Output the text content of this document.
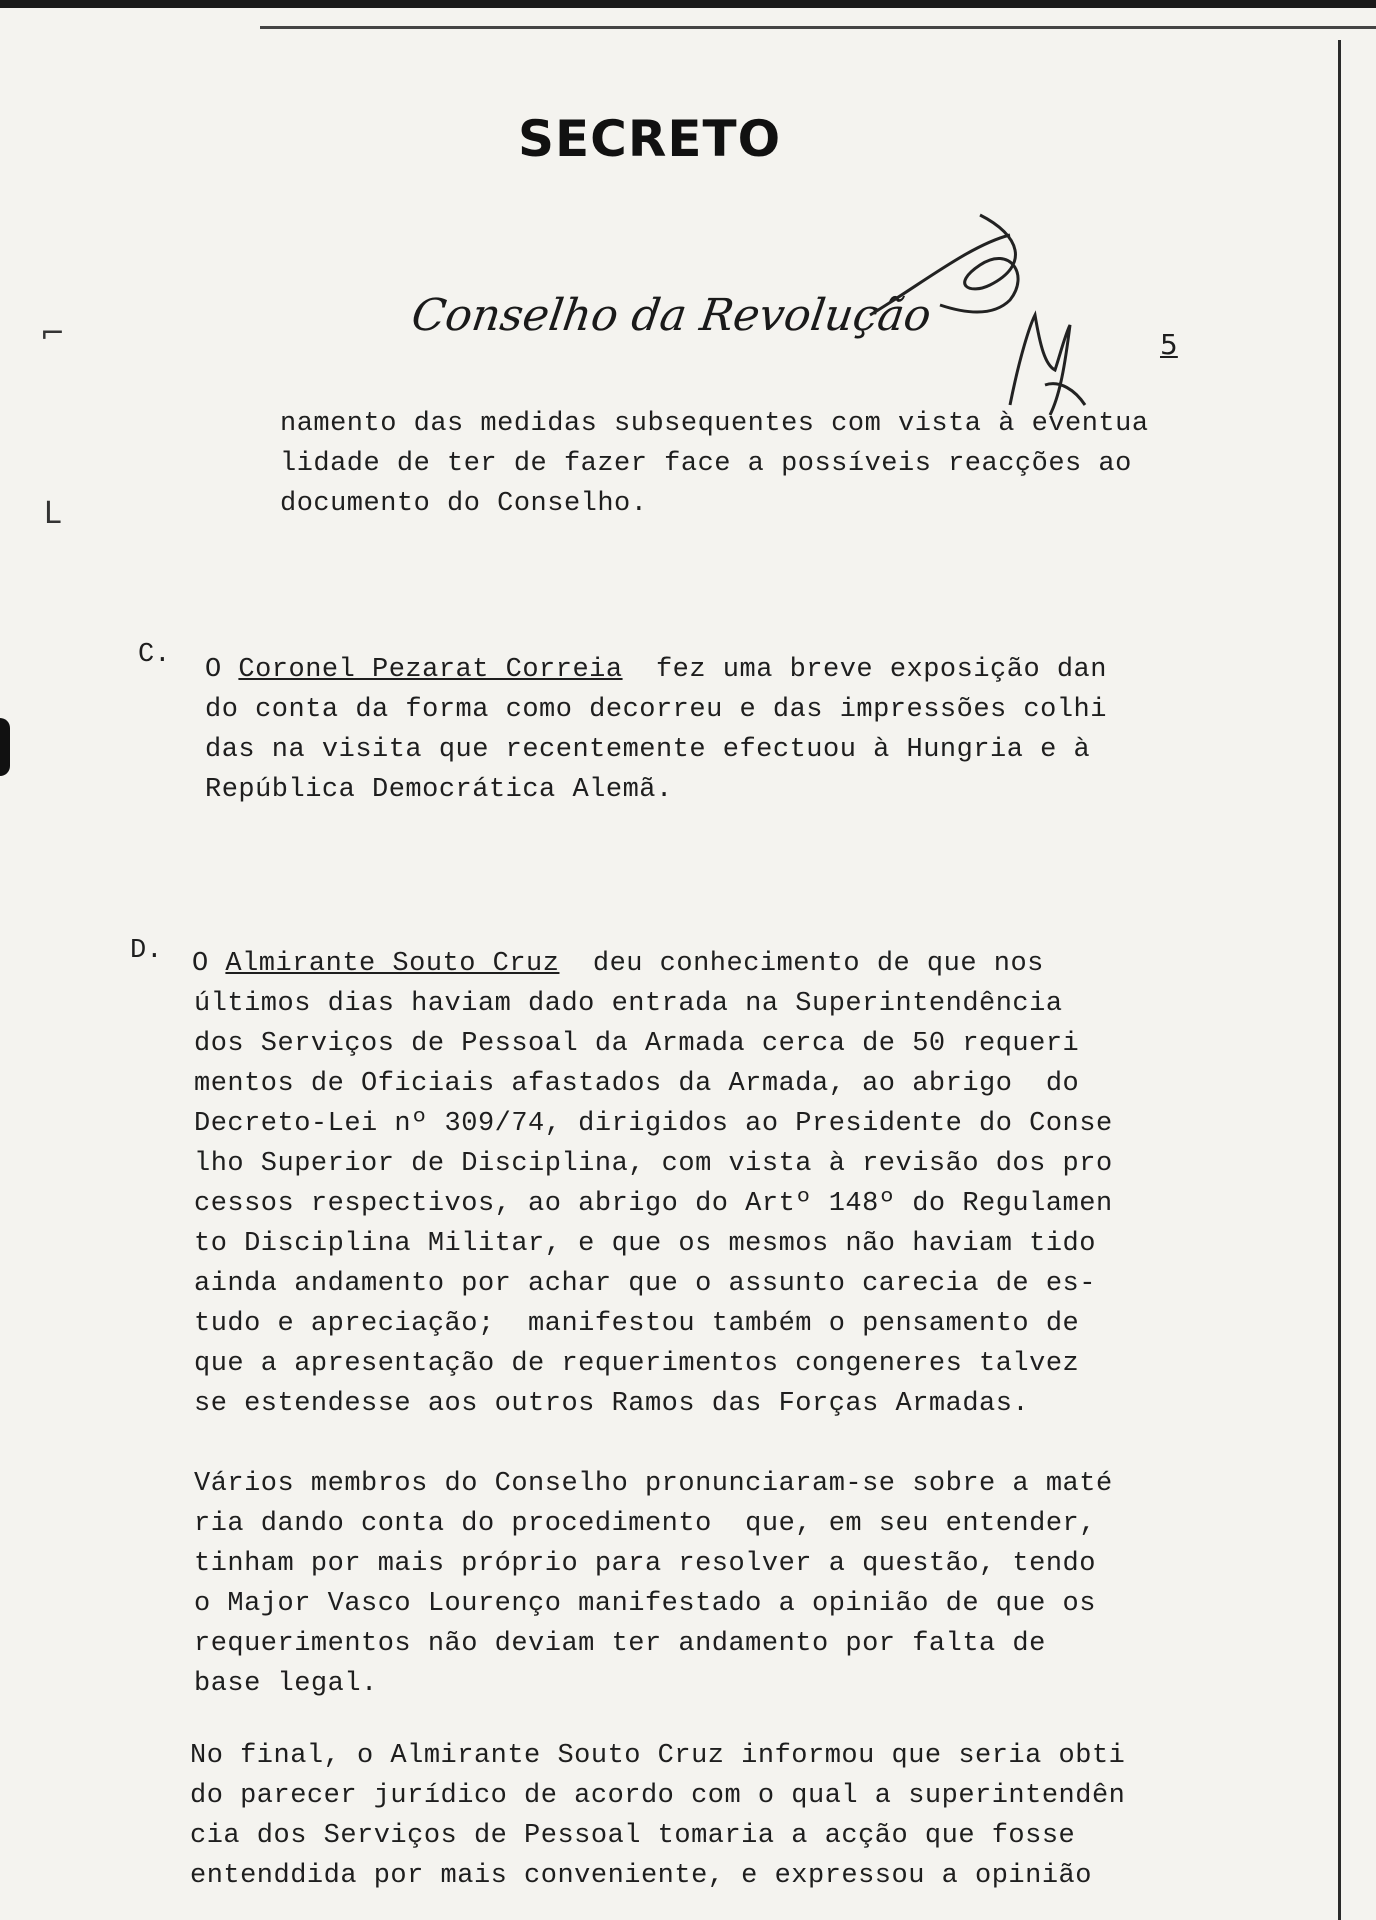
⌐
L
SECRETO
Conselho da Revolução
5
namento das medidas subsequentes com vista à eventua
lidade de ter de fazer face a possíveis reacções ao
documento do Conselho.
C. O Coronel Pezarat Correia fez uma breve exposição dan
do conta da forma como decorreu e das impressões colhi
das na visita que recentemente efectuou à Hungria e à
República Democrática Alemã.
D. O Almirante Souto Cruz deu conhecimento de que nos
últimos dias haviam dado entrada na Superintendência
dos Serviços de Pessoal da Armada cerca de 50 requeri
mentos de Oficiais afastados da Armada, ao abrigo  do
Decreto-Lei nº 309/74, dirigidos ao Presidente do Conse
lho Superior de Disciplina, com vista à revisão dos pro
cessos respectivos, ao abrigo do Artº 148º do Regulamen
to Disciplina Militar, e que os mesmos não haviam tido
ainda andamento por achar que o assunto carecia de es-
tudo e apreciação;  manifestou também o pensamento de
que a apresentação de requerimentos congeneres talvez
se estendesse aos outros Ramos das Forças Armadas.
Vários membros do Conselho pronunciaram-se sobre a maté
ria dando conta do procedimento  que, em seu entender,
tinham por mais próprio para resolver a questão, tendo
o Major Vasco Lourenço manifestado a opinião de que os
requerimentos não deviam ter andamento por falta de
base legal.
No final, o Almirante Souto Cruz informou que seria obti
do parecer jurídico de acordo com o qual a superintendên
cia dos Serviços de Pessoal tomaria a acção que fosse
entenddida por mais conveniente, e expressou a opinião
